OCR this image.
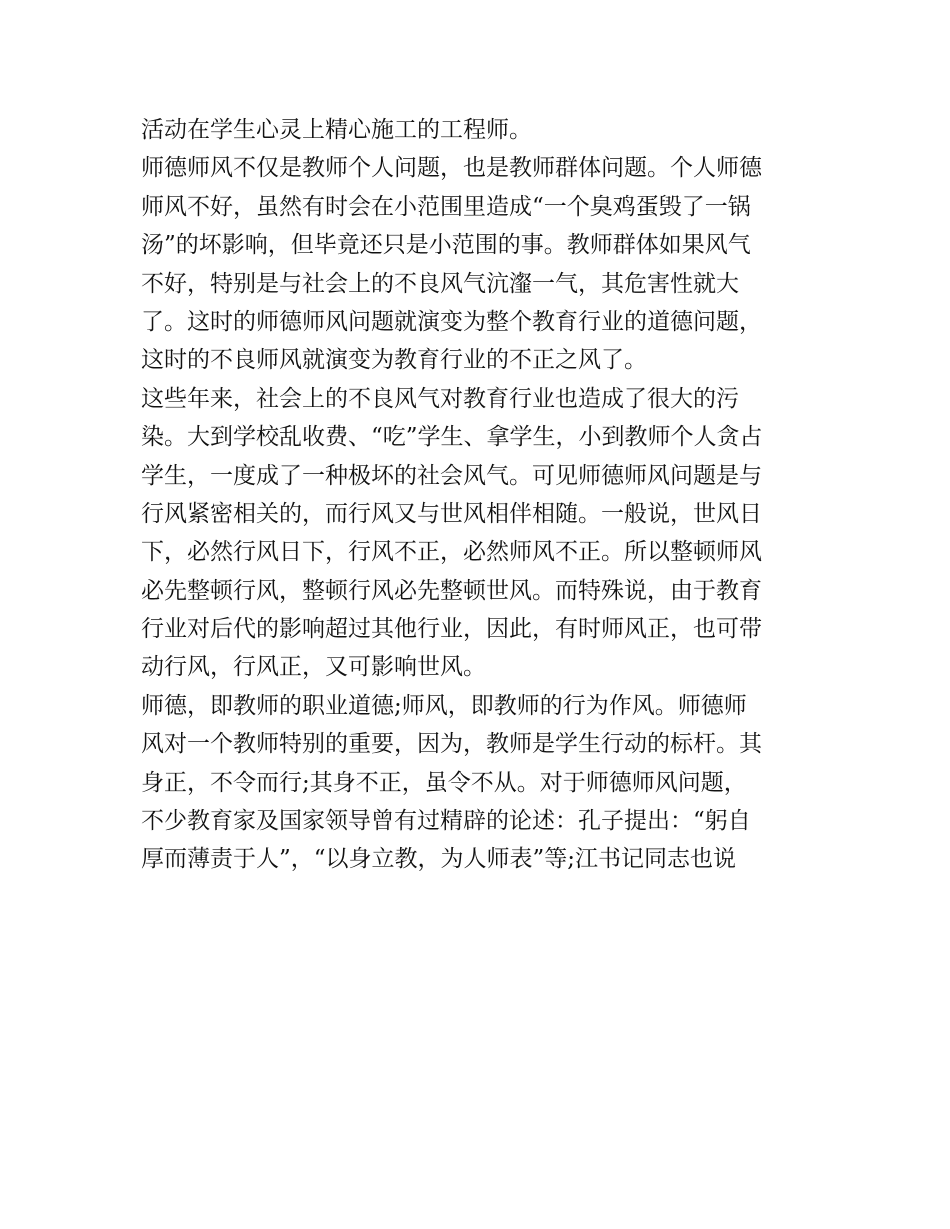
活动在学生心灵上精心施工的工程师。
师德师风不仅是教师个人问题，也是教师群体问题。个人师德
师风不好，虽然有时会在小范围里造成“一个臭鸡蛋毁了一锅
汤”的坏影响，但毕竟还只是小范围的事。教师群体如果风气
不好，特别是与社会上的不良风气沆瀣一气，其危害性就大
了。这时的师德师风问题就演变为整个教育行业的道德问题，
这时的不良师风就演变为教育行业的不正之风了。
这些年来，社会上的不良风气对教育行业也造成了很大的污
染。大到学校乱收费、“吃”学生、拿学生，小到教师个人贪占
学生，一度成了一种极坏的社会风气。可见师德师风问题是与
行风紧密相关的，而行风又与世风相伴相随。一般说，世风日
下，必然行风日下，行风不正，必然师风不正。所以整顿师风
必先整顿行风，整顿行风必先整顿世风。而特殊说，由于教育
行业对后代的影响超过其他行业，因此，有时师风正，也可带
动行风，行风正，又可影响世风。
师德，即教师的职业道德;师风，即教师的行为作风。师德师
风对一个教师特别的重要，因为，教师是学生行动的标杆。其
身正，不令而行;其身不正，虽令不从。对于师德师风问题，
不少教育家及国家领导曾有过精辟的论述：孔子提出：“躬自
厚而薄责于人”，“以身立教，为人师表”等;江书记同志也说
